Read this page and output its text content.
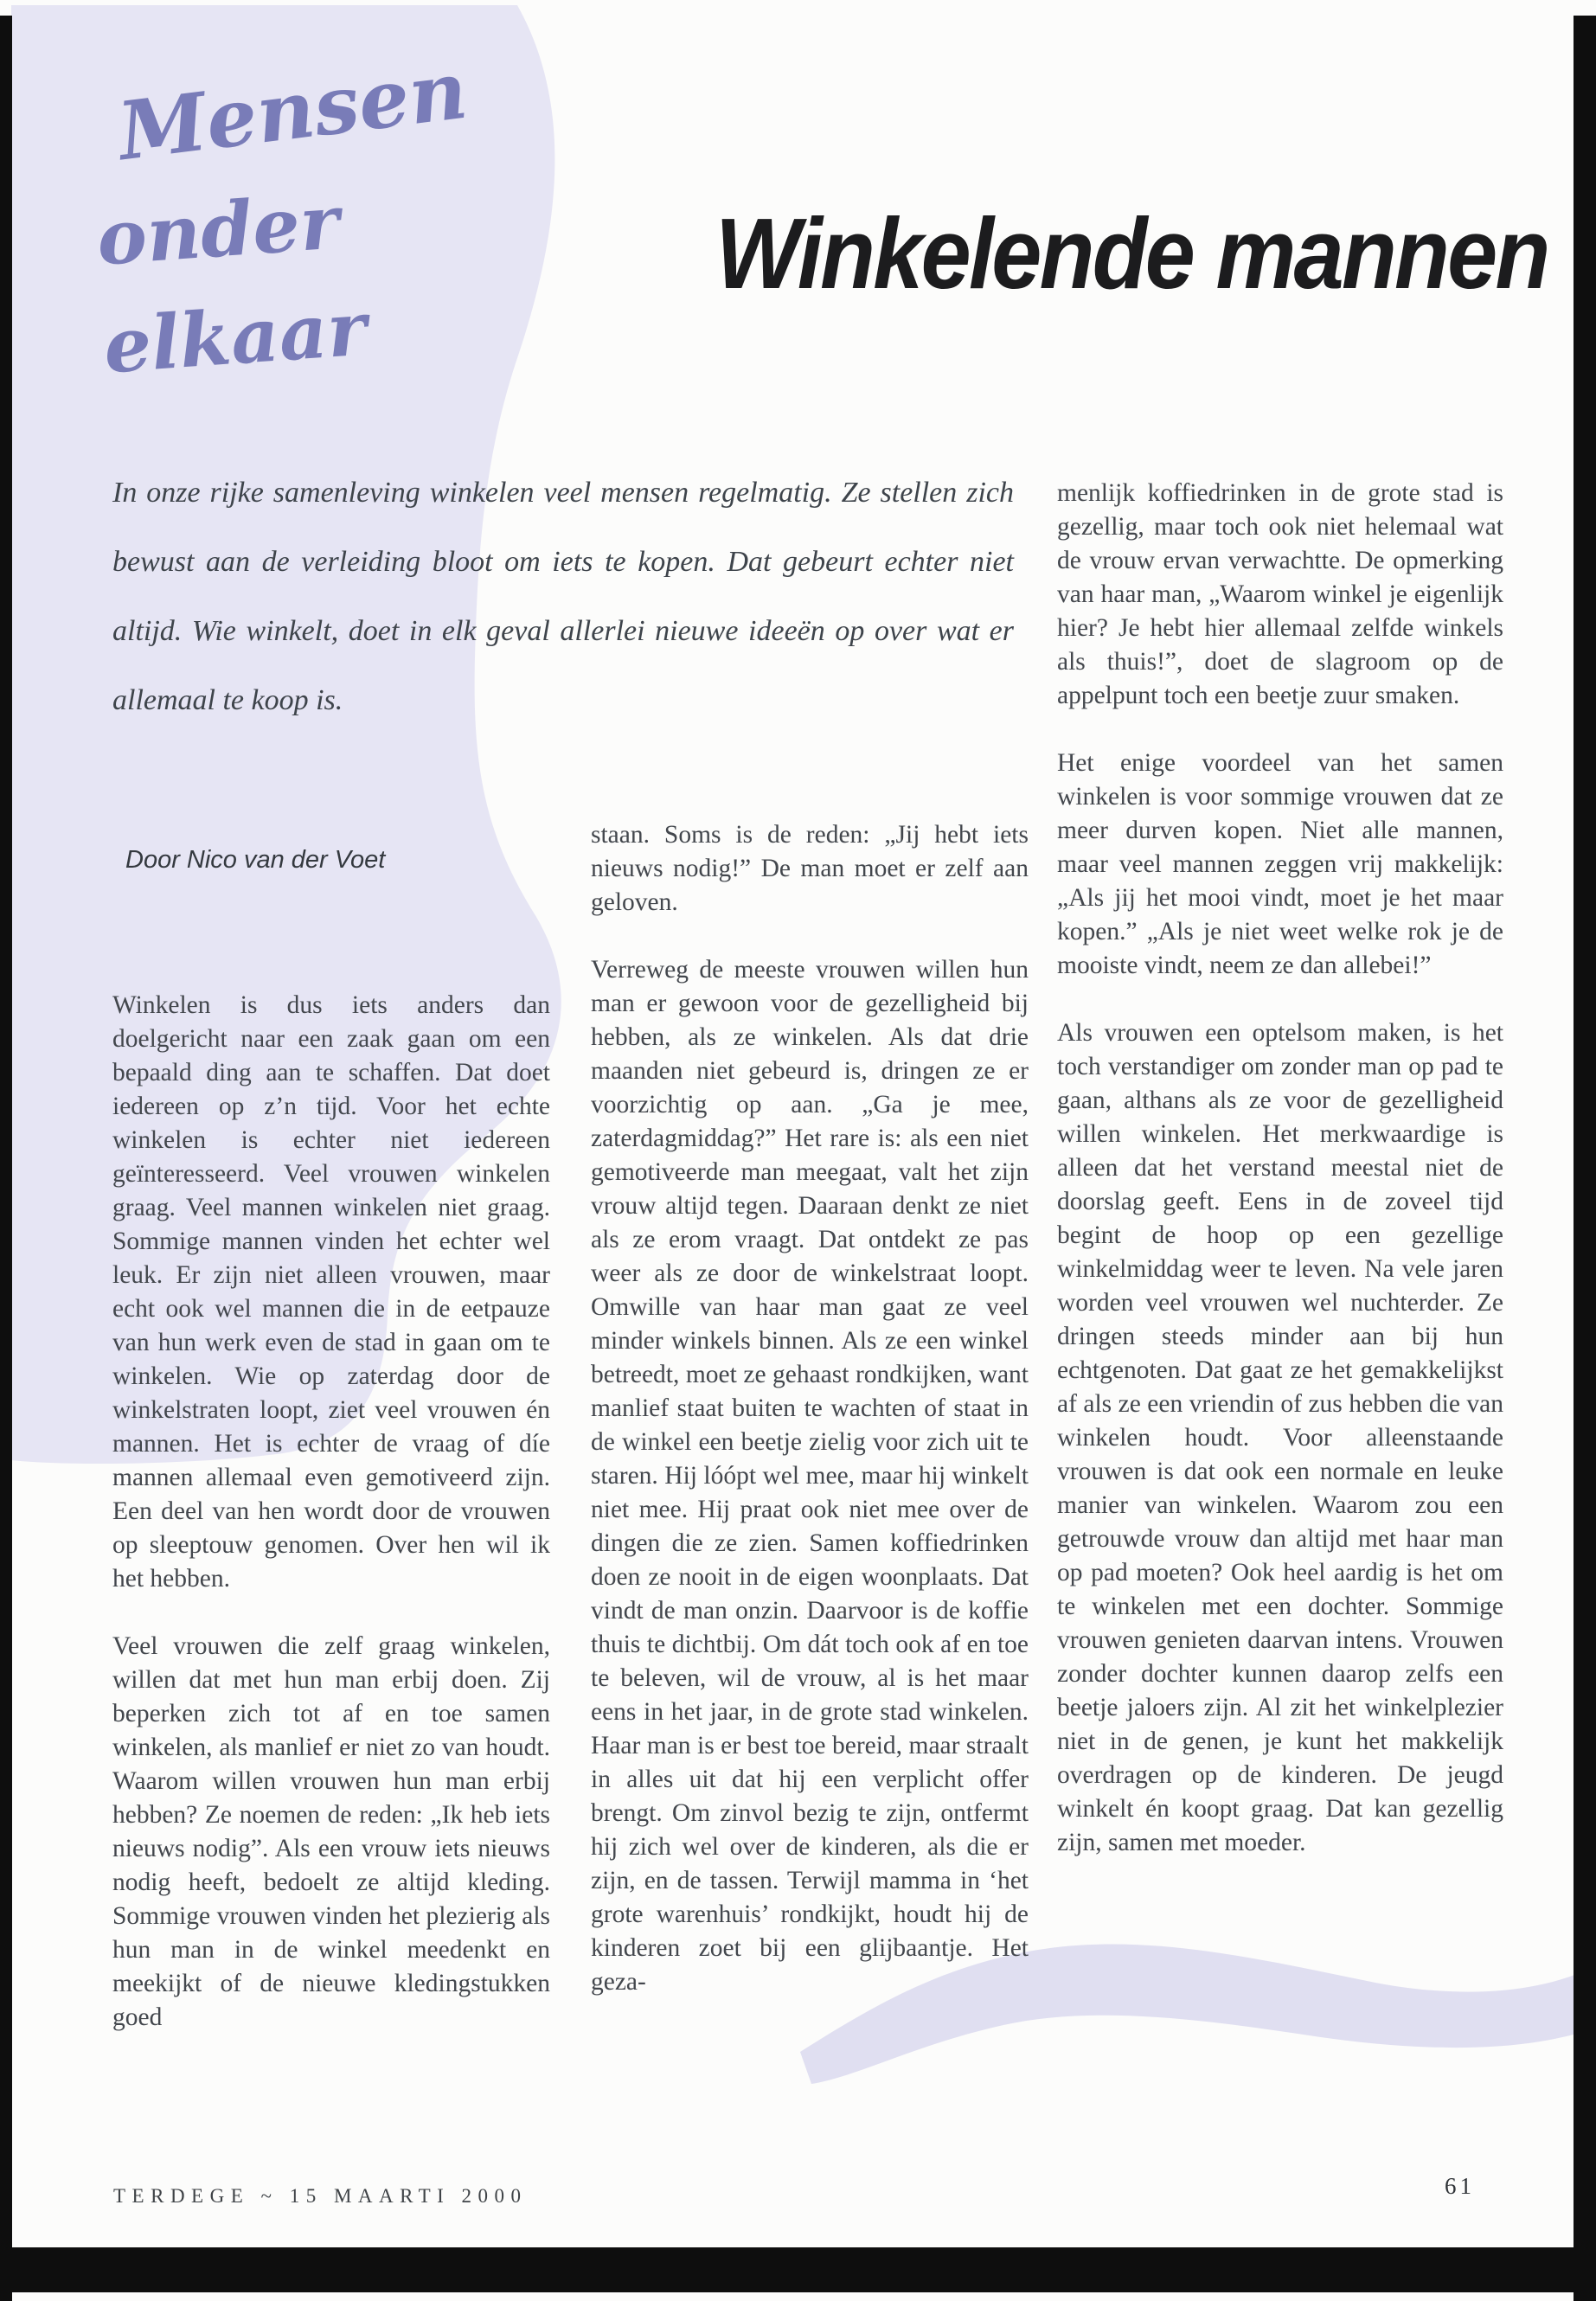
Mensen
onder
elkaar
Winkelende mannen

In onze rijke samenleving winkelen veel mensen regelmatig. Ze stellen zich bewust aan de verleiding bloot om iets te kopen. Dat gebeurt echter niet altijd. Wie winkelt, doet in elk geval allerlei nieuwe ideeën op over wat er allemaal te koop is.

Door Nico van der Voet

Winkelen is dus iets anders dan doelgericht naar een zaak gaan om een bepaald ding aan te schaffen. Dat doet iedereen op z’n tijd. Voor het echte winkelen is echter niet iedereen geïnteresseerd. Veel vrouwen winkelen graag. Veel mannen winkelen niet graag. Sommige mannen vinden het echter wel leuk. Er zijn niet alleen vrouwen, maar echt ook wel mannen die in de eetpauze van hun werk even de stad in gaan om te winkelen. Wie op zaterdag door de winkelstraten loopt, ziet veel vrouwen én mannen. Het is echter de vraag of díe mannen allemaal even gemotiveerd zijn. Een deel van hen wordt door de vrouwen op sleeptouw genomen. Over hen wil ik het hebben.

Veel vrouwen die zelf graag winkelen, willen dat met hun man erbij doen. Zij beperken zich tot af en toe samen winkelen, als manlief er niet zo van houdt. Waarom willen vrouwen hun man erbij hebben? Ze noemen de reden: „Ik heb iets nieuws nodig”. Als een vrouw iets nieuws nodig heeft, bedoelt ze altijd kleding. Sommige vrouwen vinden het plezierig als hun man in de winkel meedenkt en meekijkt of de nieuwe kledingstukken goed

staan. Soms is de reden: „Jij hebt iets nieuws nodig!” De man moet er zelf aan geloven.

Verreweg de meeste vrouwen willen hun man er gewoon voor de gezelligheid bij hebben, als ze winkelen. Als dat drie maanden niet gebeurd is, dringen ze er voorzichtig op aan. „Ga je mee, zaterdagmiddag?” Het rare is: als een niet gemotiveerde man meegaat, valt het zijn vrouw altijd tegen. Daaraan denkt ze niet als ze erom vraagt. Dat ontdekt ze pas weer als ze door de winkelstraat loopt. Omwille van haar man gaat ze veel minder winkels binnen. Als ze een winkel betreedt, moet ze gehaast rondkijken, want manlief staat buiten te wachten of staat in de winkel een beetje zielig voor zich uit te staren. Hij lóópt wel mee, maar hij winkelt niet mee. Hij praat ook niet mee over de dingen die ze zien. Samen koffiedrinken doen ze nooit in de eigen woonplaats. Dat vindt de man onzin. Daarvoor is de koffie thuis te dichtbij. Om dát toch ook af en toe te beleven, wil de vrouw, al is het maar eens in het jaar, in de grote stad winkelen. Haar man is er best toe bereid, maar straalt in alles uit dat hij een verplicht offer brengt. Om zinvol bezig te zijn, ontfermt hij zich wel over de kinderen, als die er zijn, en de tassen. Terwijl mamma in ‘het grote warenhuis’ rondkijkt, houdt hij de kinderen zoet bij een glijbaantje. Het geza-

menlijk koffiedrinken in de grote stad is gezellig, maar toch ook niet helemaal wat de vrouw ervan verwachtte. De opmerking van haar man, „Waarom winkel je eigenlijk hier? Je hebt hier allemaal zelfde winkels als thuis!”, doet de slagroom op de appelpunt toch een beetje zuur smaken.

Het enige voordeel van het samen winkelen is voor sommige vrouwen dat ze meer durven kopen. Niet alle mannen, maar veel mannen zeggen vrij makkelijk: „Als jij het mooi vindt, moet je het maar kopen.” „Als je niet weet welke rok je de mooiste vindt, neem ze dan allebei!”

Als vrouwen een optelsom maken, is het toch verstandiger om zonder man op pad te gaan, althans als ze voor de gezelligheid willen winkelen. Het merkwaardige is alleen dat het verstand meestal niet de doorslag geeft. Eens in de zoveel tijd begint de hoop op een gezellige winkelmiddag weer te leven. Na vele jaren worden veel vrouwen wel nuchterder. Ze dringen steeds minder aan bij hun echtgenoten. Dat gaat ze het gemakkelijkst af als ze een vriendin of zus hebben die van winkelen houdt. Voor alleenstaande vrouwen is dat ook een normale en leuke manier van winkelen. Waarom zou een getrouwde vrouw dan altijd met haar man op pad moeten? Ook heel aardig is het om te winkelen met een dochter. Sommige vrouwen genieten daarvan intens. Vrouwen zonder dochter kunnen daarop zelfs een beetje jaloers zijn. Al zit het winkelplezier niet in de genen, je kunt het makkelijk overdragen op de kinderen. De jeugd winkelt én koopt graag. Dat kan gezellig zijn, samen met moeder.

TERDEGE ~ 15 MAARTI 2000	61
